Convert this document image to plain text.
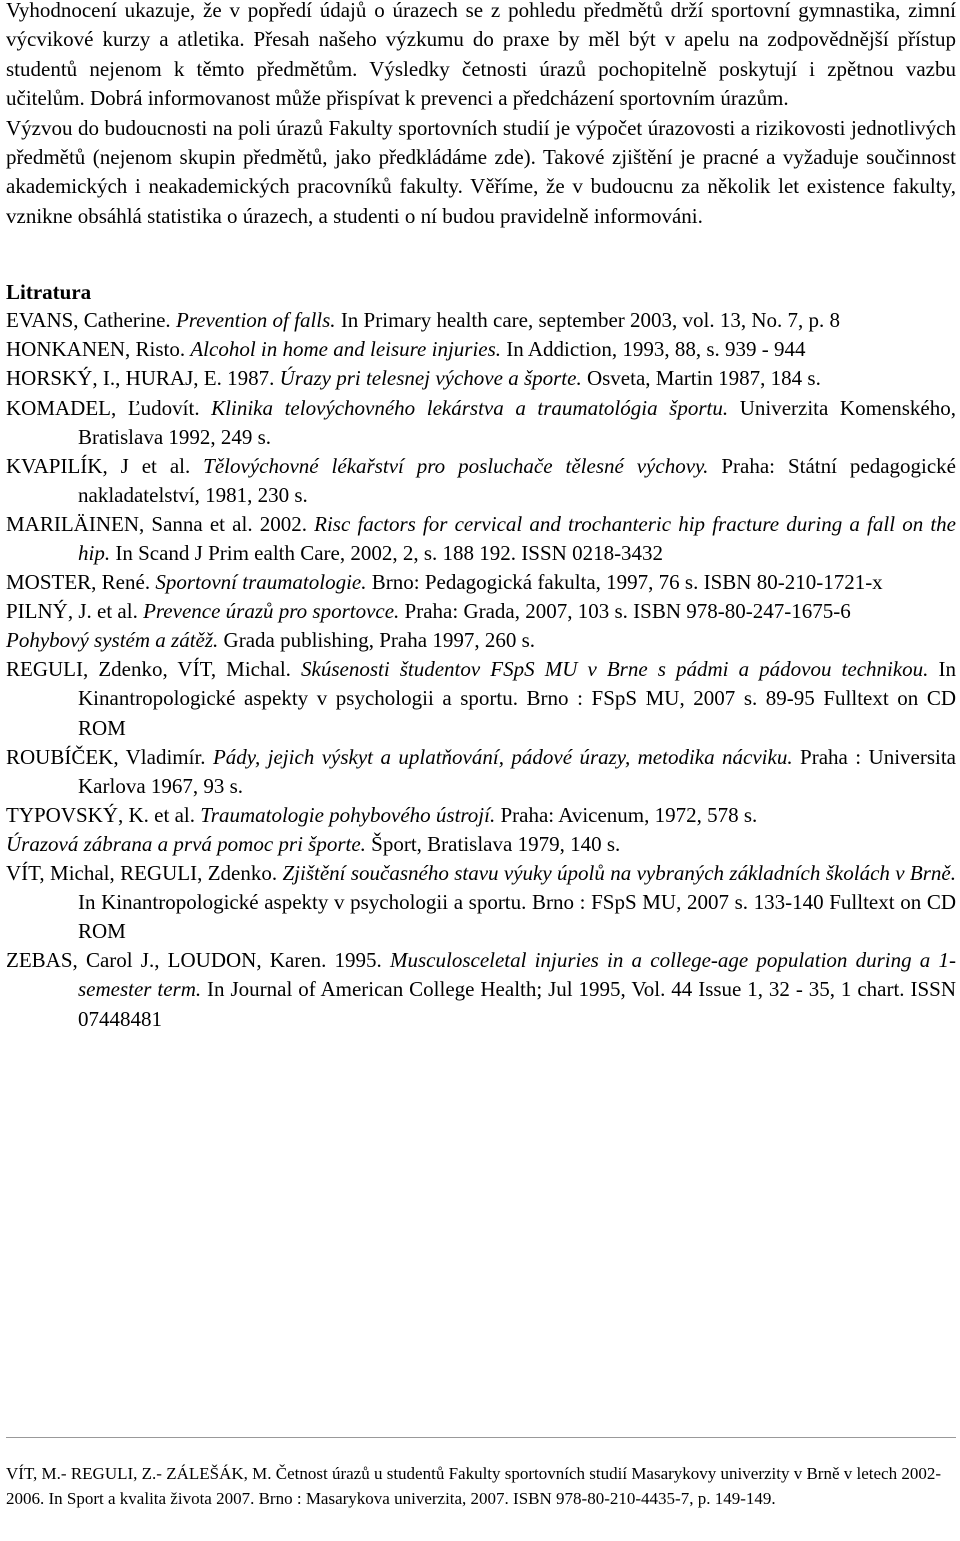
Vyhodnocení ukazuje, že v popředí údajů o úrazech se z pohledu předmětů drží sportovní gymnastika, zimní výcvikové kurzy a atletika. Přesah našeho výzkumu do praxe by měl být v apelu na zodpovědnější přístup studentů nejenom k těmto předmětům. Výsledky četnosti úrazů pochopitelně poskytují i zpětnou vazbu učitelům. Dobrá informovanost může přispívat k prevenci a předcházení sportovním úrazům.

Výzvou do budoucnosti na poli úrazů Fakulty sportovních studií je výpočet úrazovosti a rizikovosti jednotlivých předmětů (nejenom skupin předmětů, jako předkládáme zde). Takové zjištění je pracné a vyžaduje součinnost akademických i neakademických pracovníků fakulty. Věříme, že v budoucnu za několik let existence fakulty, vznikne obsáhlá statistika o úrazech, a studenti o ní budou pravidelně informováni.

Litratura

EVANS, Catherine. Prevention of falls. In Primary health care, september 2003, vol. 13, No. 7, p. 8

HONKANEN, Risto. Alcohol in home and leisure injuries. In Addiction, 1993, 88, s. 939 - 944

HORSKÝ, I., HURAJ, E. 1987. Úrazy pri telesnej výchove a športe. Osveta, Martin 1987, 184 s.

KOMADEL, Ľudovít. Klinika telovýchovného lekárstva a traumatológia športu. Univerzita Komenského, Bratislava 1992, 249 s.

KVAPILÍK, J et al. Tělovýchovné lékařství pro posluchače tělesné výchovy. Praha: Státní pedagogické nakladatelství, 1981, 230 s.

MARILÄINEN, Sanna et al. 2002. Risc factors for cervical and trochanteric hip fracture during a fall on the hip. In Scand J Prim ealth Care, 2002, 2, s. 188 192. ISSN 0218-3432

MOSTER, René. Sportovní traumatologie. Brno: Pedagogická fakulta, 1997, 76 s. ISBN 80-210-1721-x

PILNÝ, J. et al. Prevence úrazů pro sportovce. Praha: Grada, 2007, 103 s. ISBN 978-80-247-1675-6

Pohybový systém a zátěž. Grada publishing, Praha 1997, 260 s.

REGULI, Zdenko, VÍT, Michal. Skúsenosti študentov FSpS MU v Brne s pádmi a pádovou technikou. In Kinantropologické aspekty v psychologii a sportu. Brno : FSpS MU, 2007 s. 89-95 Fulltext on CD ROM

ROUBÍČEK, Vladimír. Pády, jejich výskyt a uplatňování, pádové úrazy, metodika nácviku. Praha : Universita Karlova 1967, 93 s.

TYPOVSKÝ, K. et al. Traumatologie pohybového ústrojí. Praha: Avicenum, 1972, 578 s.

Úrazová zábrana a prvá pomoc pri športe. Šport, Bratislava 1979, 140 s.

VÍT, Michal, REGULI, Zdenko. Zjištění současného stavu výuky úpolů na vybraných základních školách v Brně. In Kinantropologické aspekty v psychologii a sportu. Brno : FSpS MU, 2007 s. 133-140 Fulltext on CD ROM

ZEBAS, Carol J., LOUDON, Karen. 1995. Musculosceletal injuries in a college-age population during a 1-semester term. In Journal of American College Health; Jul 1995, Vol. 44 Issue 1, 32 - 35, 1 chart. ISSN 07448481

VÍT, M.- REGULI, Z.- ZÁLEŠÁK, M. Četnost úrazů u studentů Fakulty sportovních studií Masarykovy univerzity v Brně v letech 2002-2006. In Sport a kvalita života 2007. Brno : Masarykova univerzita, 2007. ISBN 978-80-210-4435-7, p. 149-149.
